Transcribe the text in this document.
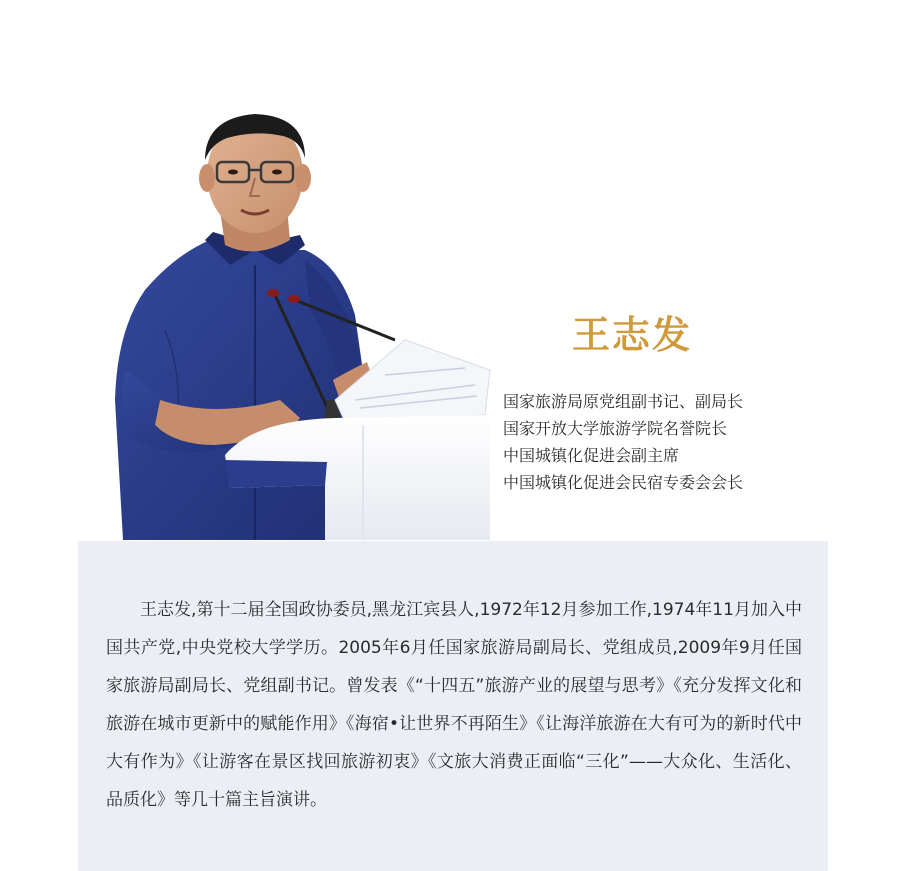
王志发
国家旅游局原党组副书记、副局长
国家开放大学旅游学院名誉院长
中国城镇化促进会副主席
中国城镇化促进会民宿专委会会长

王志发,第十二届全国政协委员,黑龙江宾县人,1972年12月参加工作,1974年11月加入中国共产党,中央党校大学学历。2005年6月任国家旅游局副局长、党组成员,2009年9月任国家旅游局副局长、党组副书记。曾发表《“十四五”旅游产业的展望与思考》《充分发挥文化和旅游在城市更新中的赋能作用》《海宿•让世界不再陌生》《让海洋旅游在大有可为的新时代中大有作为》《让游客在景区找回旅游初衷》《文旅大消费正面临“三化”——大众化、生活化、品质化》等几十篇主旨演讲。
